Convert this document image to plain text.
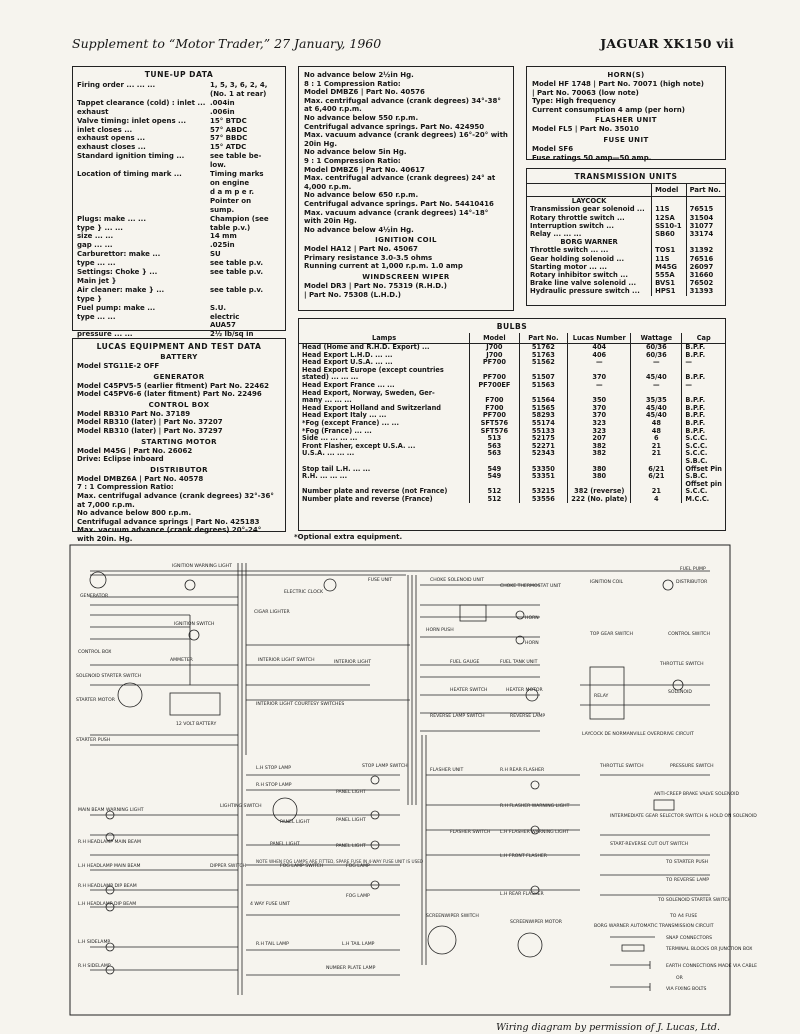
Supplement to “Motor Trader,” 27 January, 1960	JAGUAR XK150 vii
TUNE-UP DATA
Firing order ... ... ...	1, 5, 3, 6, 2, 4,
(No. 1 at rear)
Tappet clearance (cold) : inlet ... .004in
exhaust	.006in
Valve timing: inlet opens ...	15° BTDC
inlet closes ...	57° ABDC
exhaust opens ...	57° BBDC
exhaust closes ...	15° ATDC
Standard ignition timing ...	see table be-
low.
Location of timing mark ...	Timing marks
on engine
d a m p e r.
Pointer on
sump.
Plugs: make ... ...	Champion (see
type } ... ...	table p.v.)
size ... ...	14 mm
gap ... ...	.025in
Carburettor: make ...	SU
type ... ...	see table p.v.
Settings: Choke } ...	see table p.v.
Main jet }
Air cleaner: make } ...	see table p.v.
type }
Fuel pump: make ...	S.U.
type ... ...	electric
AUA57
pressure ... ...	2½ lb/sq in
LUCAS EQUIPMENT AND TEST DATA
BATTERY
Model STG11E-2 OFF
GENERATOR
Model C45PV5-5 (earlier fitment) Part No. 22462
Model C45PV6-6 (later fitment) Part No. 22496
CONTROL BOX
Model RB310 Part No. 37189
Model RB310 (later) | Part No. 37207
Model RB310 (later) | Part No. 37297
STARTING MOTOR
Model M45G | Part No. 26062
Drive: Eclipse inboard
DISTRIBUTOR
Model DMBZ6A | Part No. 40578
7 : 1 Compression Ratio:
Max. centrifugal advance (crank degrees) 32°-36°
at 7,000 r.p.m.
No advance below 800 r.p.m.
Centrifugal advance springs | Part No. 425183
Max. vacuum advance (crank degrees) 20°-24°
with 20in. Hg.
No advance below 2½in Hg.
8 : 1 Compression Ratio:
Model DMBZ6 | Part No. 40576
Max. centrifugal advance (crank degrees) 34°-38°
at 6,400 r.p.m.
No advance below 550 r.p.m.
Centrifugal advance springs. Part No. 424950
Max. vacuum advance (crank degrees) 16°-20° with
20in Hg.
No advance below 5in Hg.
9 : 1 Compression Ratio:
Model DMBZ6 | Part No. 40617
Max. centrifugal advance (crank degrees) 24° at
4,000 r.p.m.
No advance below 650 r.p.m.
Centrifugal advance springs. Part No. 54410416
Max. vacuum advance (crank degrees) 14°-18°
with 20in Hg.
No advance below 4½in Hg.
IGNITION COIL
Model HA12 | Part No. 45067
Primary resistance 3.0-3.5 ohms
Running current at 1,000 r.p.m. 1.0 amp
WINDSCREEN WIPER
Model DR3 | Part No. 75319 (R.H.D.)
| Part No. 75308 (L.H.D.)
HORN(S)
Model HF 1748 | Part No. 70071 (high note)
| Part No. 70063 (low note)
Type: High frequency
Current consumption 4 amp (per horn)
FLASHER UNIT
Model FL5 | Part No. 35010
FUSE UNIT
Model SF6
Fuse ratings 50 amp—50 amp.
TRANSMISSION UNITS
	Model	Part No.
LAYCOCK		
Transmission gear solenoid ...	11S	76515
Rotary throttle switch ...	12SA	31504
Interruption switch ...	SS10-1	31077
Relay ... ... ...	SB60	33174
BORG WARNER		
Throttle switch ... ...	TOS1	31392
Gear holding solenoid ...	11S	76516
Starting motor ... ...	M45G	26097
Rotary inhibitor switch ...	555A	31660
Brake line valve solenoid ...	BVS1	76502
Hydraulic pressure switch ...	HPS1	31393
BULBS
Lamps	Model	Part No.	Lucas Number	Wattage	Cap
Head (Home and R.H.D. Export) ...	J700	51762	404	60/36	B.P.F.
Head Export L.H.D. ... ...	J700	51763	406	60/36	B.P.F.
Head Export U.S.A. ... ...	PF700	51562	—	—	—
Head Export Europe (except countries					
stated) ... ... ...	PF700	51507	370	45/40	B.P.F.
Head Export France ... ...	PF700EF	51563	—	—	—
Head Export, Norway, Sweden, Ger-					
many ... ... ...	F700	51564	350	35/35	B.P.F.
Head Export Holland and Switzerland	F700	51565	370	45/40	B.P.F.
Head Export Italy ... ...	PF700	58293	370	45/40	B.P.F.
*Fog (except France) ... ...	SFT576	55174	323	48	B.P.F.
*Fog (France) ... ...	SFT576	55133	323	48	B.P.F.
Side ... ... ... ...	513	52175	207	6	S.C.C.
Front Flasher, except U.S.A. ...	563	52271	382	21	S.C.C.
U.S.A. ... ... ...	563	52343	382	21	S.C.C.
					S.B.C.
Stop tail L.H. ... ...	549	53350	380	6/21	Offset Pin
R.H. ... ... ...	549	53351	380	6/21	S.B.C.
					Offset pin
Number plate and reverse (not France)	512	53215	382 (reverse)	21	S.C.C.
Number plate and reverse (France)	512	53556	222 (No. plate)	4	M.C.C.
*Optional extra equipment.
GENERATOR
IGNITION WARNING LIGHT
ELECTRIC CLOCK
FUSE UNIT	CHOKE SOLENOID UNIT
CHOKE THERMOSTAT UNIT
IGNITION COIL
FUEL PUMP
DISTRIBUTOR
CIGAR LIGHTER
IGNITION SWITCH
HORN
HORN
HORN PUSH
TOP GEAR SWITCH	CONTROL SWITCH
CONTROL BOX
AMMETER	INTERIOR LIGHT SWITCH	INTERIOR LIGHT	FUEL GAUGE	FUEL TANK UNIT	THROTTLE SWITCH
SOLENOID STARTER SWITCH
HEATER SWITCH	HEATER MOTOR
RELAY
SOLENOID
STARTER MOTOR
INTERIOR LIGHT COURTESY SWITCHES
12 VOLT BATTERY
REVERSE LAMP SWITCH	REVERSE LAMP
LAYCOCK DE NORMANVILLE OVERDRIVE CIRCUIT
STARTER PUSH
L.H STOP LAMP
R.H STOP LAMP
STOP LAMP SWITCH
FLASHER UNIT	R.H REAR FLASHER
THROTTLE SWITCH	PRESSURE SWITCH
LIGHTING SWITCH
PANEL LIGHT
R.H FLASHER WARNING LIGHT
ANTI-CREEP BRAKE VALVE SOLENOID
MAIN BEAM WARNING LIGHT
PANEL LIGHT	PANEL LIGHT
FLASHER SWITCH L.H FLASHER WARNING LIGHT
INTERMEDIATE GEAR SELECTOR SWITCH & HOLD ON SOLENOID
R.H HEADLAMP MAIN BEAM
L.H HEADLAMP MAIN BEAM
PANEL LIGHT	PANEL LIGHT
DIPPER SWITCH	FOG LAMP SWITCH	FOG LAMP
L.H FRONT FLASHER
START-REVERSE CUT OUT SWITCH
TO STARTER PUSH
TO REVERSE LAMP
R.H HEADLAMP DIP BEAM
L.H HEADLAMP DIP BEAM
FOG LAMP
TO SOLENOID STARTER SWITCH
4 WAY FUSE UNIT
L.H REAR FLASHER
TO A4 FUSE
BORG WARNER AUTOMATIC TRANSMISSION CIRCUIT
SCREENWIPER SWITCH
SCREENWIPER MOTOR
L.H SIDELAMP
R.H SIDELAMP
R.H TAIL LAMP	L.H TAIL LAMP
NUMBER PLATE LAMP
SNAP CONNECTORS
TERMINAL BLOCKS OR JUNCTION BOX
EARTH CONNECTIONS MADE VIA CABLE
OR
VIA FIXING BOLTS
NOTE WHEN FOG LAMPS ARE FITTED, SPARE FUSE IN 4-WAY FUSE UNIT IS USED
Wiring diagram by permission of J. Lucas, Ltd.
